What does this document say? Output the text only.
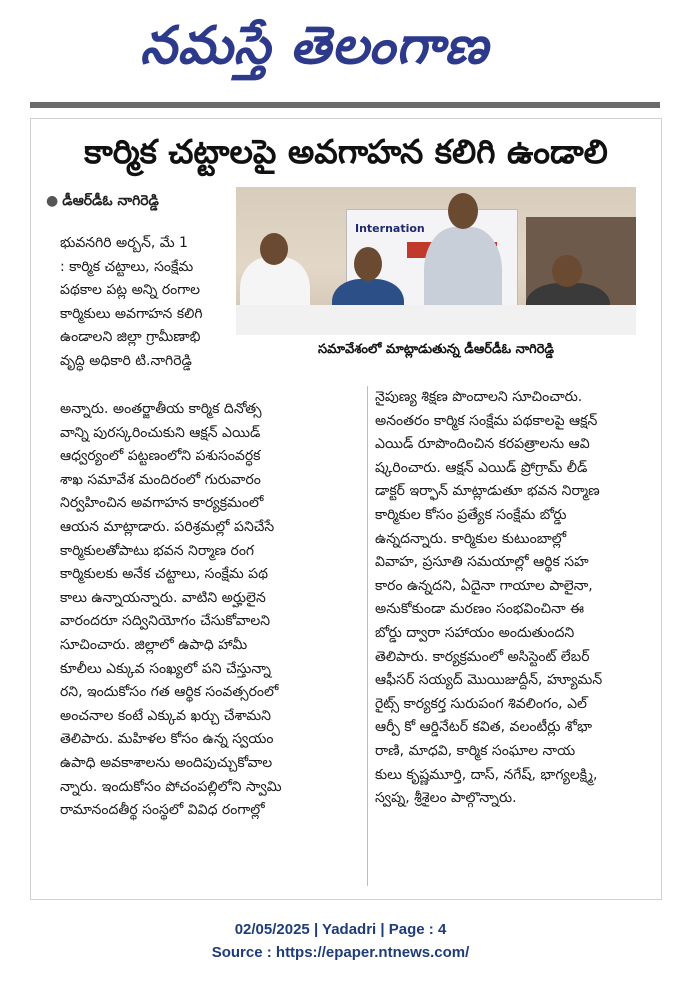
నమస్తే తెలంగాణ
కార్మిక చట్టాలపై అవగాహన కలిగి ఉండాలి
● డీఆర్‌డీఓ నాగిరెడ్డి
Internation
సమావేశంలో మాట్లాడుతున్న డీఆర్‌డీఓ నాగిరెడ్డి
భువనగిరి అర్బన్, మే 1
: కార్మిక చట్టాలు, సంక్షేమ
పథకాల పట్ల అన్ని రంగాల
కార్మికులు అవగాహన కలిగి
ఉండాలని జిల్లా గ్రామీణాభి
వృద్ధి అధికారి టి.నాగిరెడ్డి
అన్నారు. అంతర్జాతీయ కార్మిక దినోత్స
వాన్ని పురస్కరించుకుని ఆక్షన్ ఎయిడ్
ఆధ్వర్యంలో పట్టణంలోని పశుసంవర్ధక
శాఖ సమావేశ మందిరంలో గురువారం
నిర్వహించిన అవగాహన కార్యక్రమంలో
ఆయన మాట్లాడారు. పరిశ్రమల్లో పనిచేసే
కార్మికులతోపాటు భవన నిర్మాణ రంగ
కార్మికులకు అనేక చట్టాలు, సంక్షేమ పథ
కాలు ఉన్నాయన్నారు. వాటిని అర్హులైన
వారందరూ సద్వినియోగం చేసుకోవాలని
సూచించారు. జిల్లాలో ఉపాధి హామీ
కూలీలు ఎక్కువ సంఖ్యలో పని చేస్తున్నా
రని, ఇందుకోసం గత ఆర్థిక సంవత్సరంలో
అంచనాల కంటే ఎక్కువ ఖర్చు చేశామని
తెలిపారు. మహిళల కోసం ఉన్న స్వయం
ఉపాధి అవకాశాలను అందిపుచ్చుకోవాల
న్నారు. ఇందుకోసం పోచంపల్లిలోని స్వామి
రామానందతీర్థ సంస్థలో వివిధ రంగాల్లో
నైపుణ్య శిక్షణ పొందాలని సూచించారు.
అనంతరం కార్మిక సంక్షేమ పథకాలపై ఆక్షన్
ఎయిడ్ రూపొందించిన కరపత్రాలను ఆవి
ష్కరించారు. ఆక్షన్ ఎయిడ్ ప్రోగ్రామ్ లీడ్
డాక్టర్ ఇర్ఫాన్ మాట్లాడుతూ భవన నిర్మాణ
కార్మికుల కోసం ప్రత్యేక సంక్షేమ బోర్డు
ఉన్నదన్నారు. కార్మికుల కుటుంబాల్లో
వివాహ, ప్రసూతి సమయాల్లో ఆర్థిక సహ
కారం ఉన్నదని, ఏదైనా గాయాల పాలైనా,
అనుకోకుండా మరణం సంభవించినా ఈ
బోర్డు ద్వారా సహాయం అందుతుందని
తెలిపారు. కార్యక్రమంలో అసిస్టెంట్ లేబర్
ఆఫీసర్ సయ్యద్ మొయిజుద్దీన్, హ్యూమన్
రైట్స్ కార్యకర్త సురుపంగ శివలింగం, ఎల్
ఆర్పీ కో ఆర్డినేటర్ కవిత, వలంటీర్లు శోభా
రాణి, మాధవి, కార్మిక సంఘాల నాయ
కులు కృష్ణమూర్తి, దాస్, నగేష్, భాగ్యలక్ష్మి,
స్వప్న, శ్రీశైలం పాల్గొన్నారు.
02/05/2025 | Yadadri | Page : 4
Source : https://epaper.ntnews.com/
